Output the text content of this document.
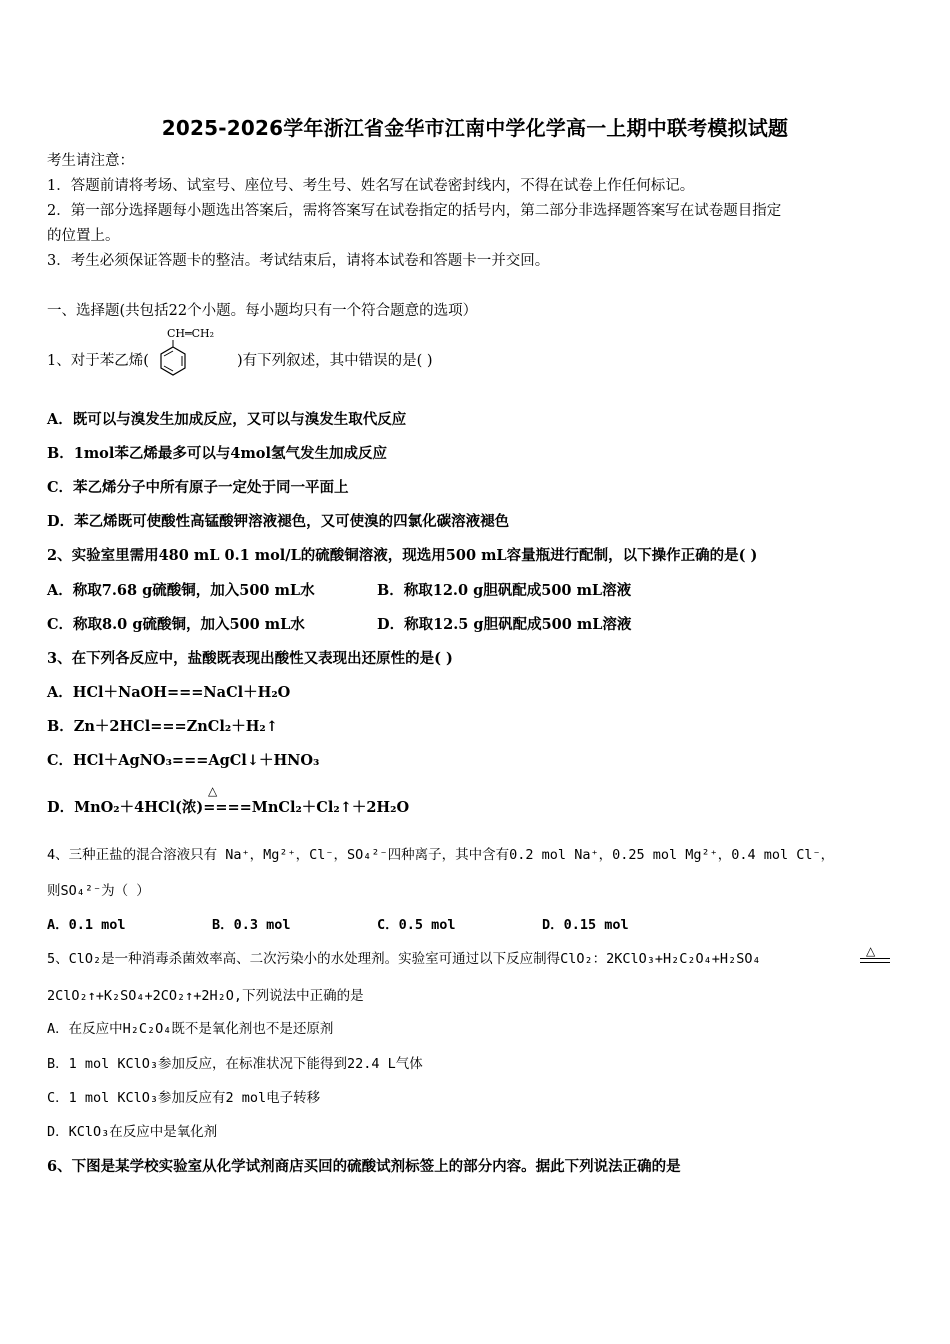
2025-2026学年浙江省金华市江南中学化学高一上期中联考模拟试题
考生请注意：
1．答题前请将考场、试室号、座位号、考生号、姓名写在试卷密封线内，不得在试卷上作任何标记。
2．第一部分选择题每小题选出答案后，需将答案写在试卷指定的括号内，第二部分非选择题答案写在试卷题目指定
的位置上。
3．考生必须保证答题卡的整洁。考试结束后，请将本试卷和答题卡一并交回。
一、选择题(共包括22个小题。每小题均只有一个符合题意的选项）
1、对于苯乙烯(
CH═CH₂
)有下列叙述，其中错误的是( )
A．既可以与溴发生加成反应，又可以与溴发生取代反应
B．1mol苯乙烯最多可以与4mol氢气发生加成反应
C．苯乙烯分子中所有原子一定处于同一平面上
D．苯乙烯既可使酸性高锰酸钾溶液褪色，又可使溴的四氯化碳溶液褪色
2、实验室里需用480 mL 0.1 mol/L的硫酸铜溶液，现选用500 mL容量瓶进行配制，以下操作正确的是( )
A．称取7.68 g硫酸铜，加入500 mL水	B．称取12.0 g胆矾配成500 mL溶液
C．称取8.0 g硫酸铜，加入500 mL水	D．称取12.5 g胆矾配成500 mL溶液
3、在下列各反应中，盐酸既表现出酸性又表现出还原性的是( )
A．HCl＋NaOH===NaCl＋H₂O
B．Zn＋2HCl===ZnCl₂＋H₂↑
C．HCl＋AgNO₃===AgCl↓＋HNO₃
△
D．MnO₂＋4HCl(浓)====MnCl₂＋Cl₂↑＋2H₂O
4、三种正盐的混合溶液只有 Na⁺，Mg²⁺，Cl⁻，SO₄²⁻四种离子，其中含有0.2 mol Na⁺，0.25 mol Mg²⁺，0.4 mol Cl⁻，
则SO₄²⁻为（ ）
A．0.1 mol	B．0.3 mol	C．0.5 mol	D．0.15 mol
5、ClO₂是一种消毒杀菌效率高、二次污染小的水处理剂。实验室可通过以下反应制得ClO₂：2KClO₃+H₂C₂O₄+H₂SO₄	△
2ClO₂↑+K₂SO₄+2CO₂↑+2H₂O,下列说法中正确的是
A．在反应中H₂C₂O₄既不是氧化剂也不是还原剂
B．1 mol KClO₃参加反应，在标准状况下能得到22.4 L气体
C．1 mol KClO₃参加反应有2 mol电子转移
D．KClO₃在反应中是氧化剂
6、下图是某学校实验室从化学试剂商店买回的硫酸试剂标签上的部分内容。据此下列说法正确的是
